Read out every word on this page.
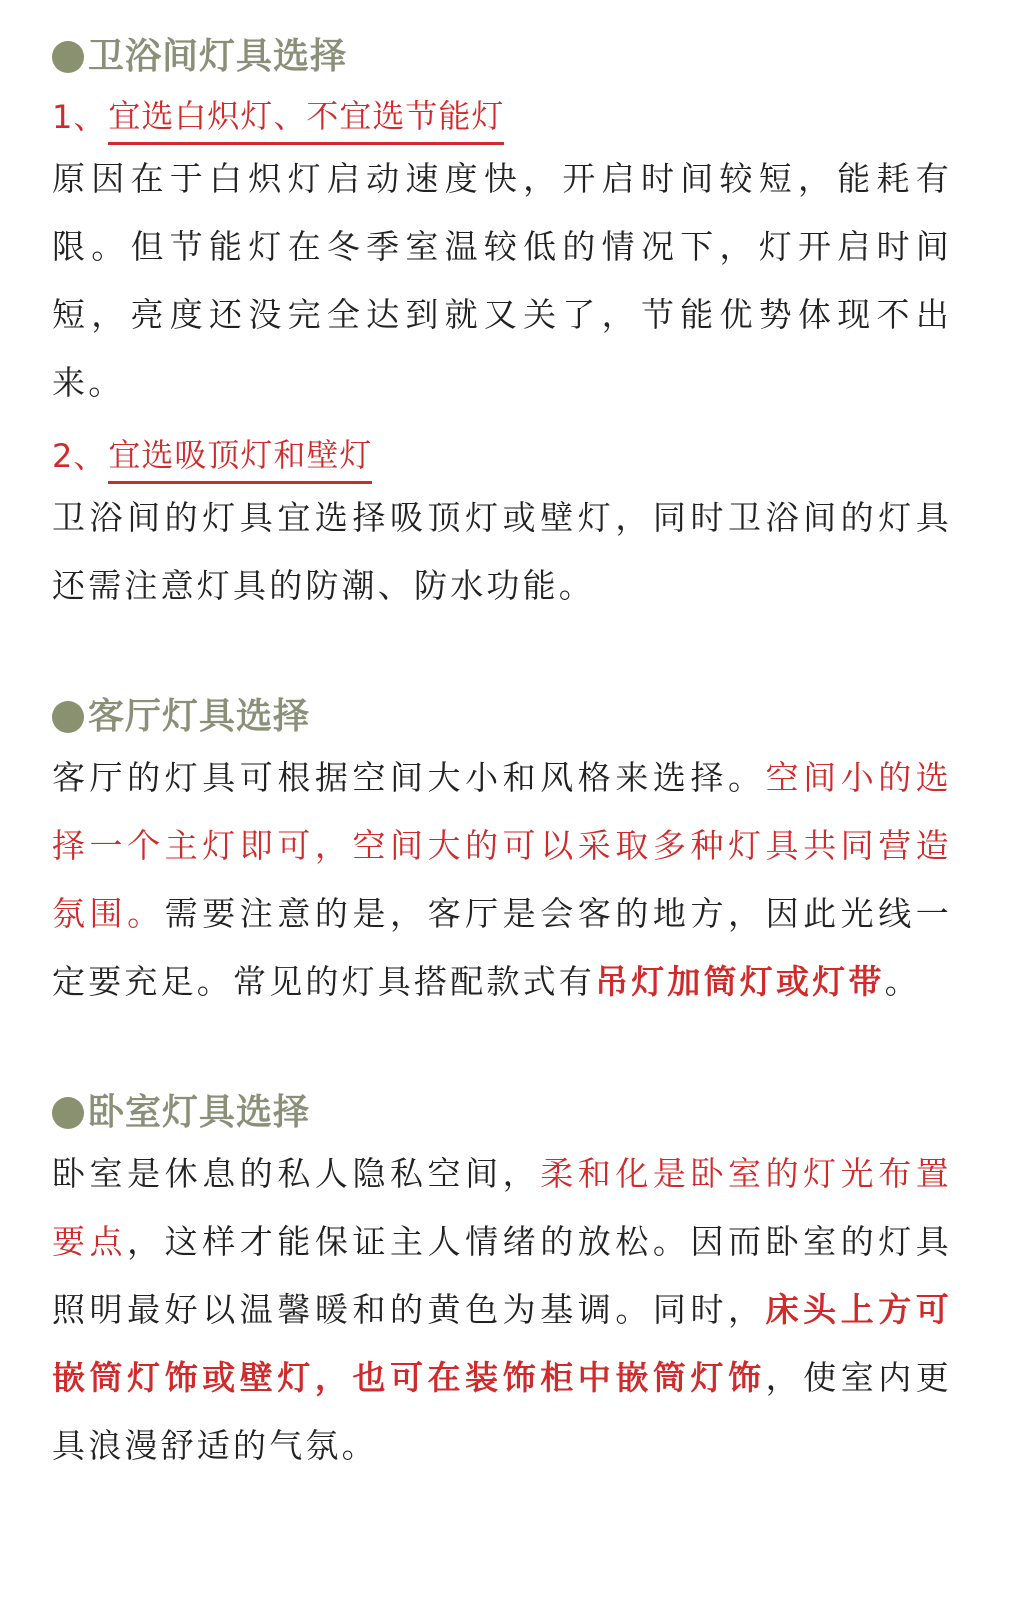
卫浴间灯具选择
1、 宜选白炽灯、不宜选节能灯

原因在于白炽灯启动速度快，开启时间较短，能耗有限。但节能灯在冬季室温较低的情况下，灯开启时间短，亮度还没完全达到就又关了，节能优势体现不出来。

2、 宜选吸顶灯和壁灯

卫浴间的灯具宜选择吸顶灯或壁灯，同时卫浴间的灯具还需注意灯具的防潮、防水功能。

客厅灯具选择

客厅的灯具可根据空间大小和风格来选择。空间小的选择一个主灯即可，空间大的可以采取多种灯具共同营造氛围。需要注意的是，客厅是会客的地方，因此光线一定要充足。常见的灯具搭配款式有吊灯加筒灯或灯带。

卧室灯具选择

卧室是休息的私人隐私空间，柔和化是卧室的灯光布置要点，这样才能保证主人情绪的放松。因而卧室的灯具照明最好以温馨暖和的黄色为基调。同时，床头上方可嵌筒灯饰或壁灯，也可在装饰柜中嵌筒灯饰，使室内更具浪漫舒适的气氛。
